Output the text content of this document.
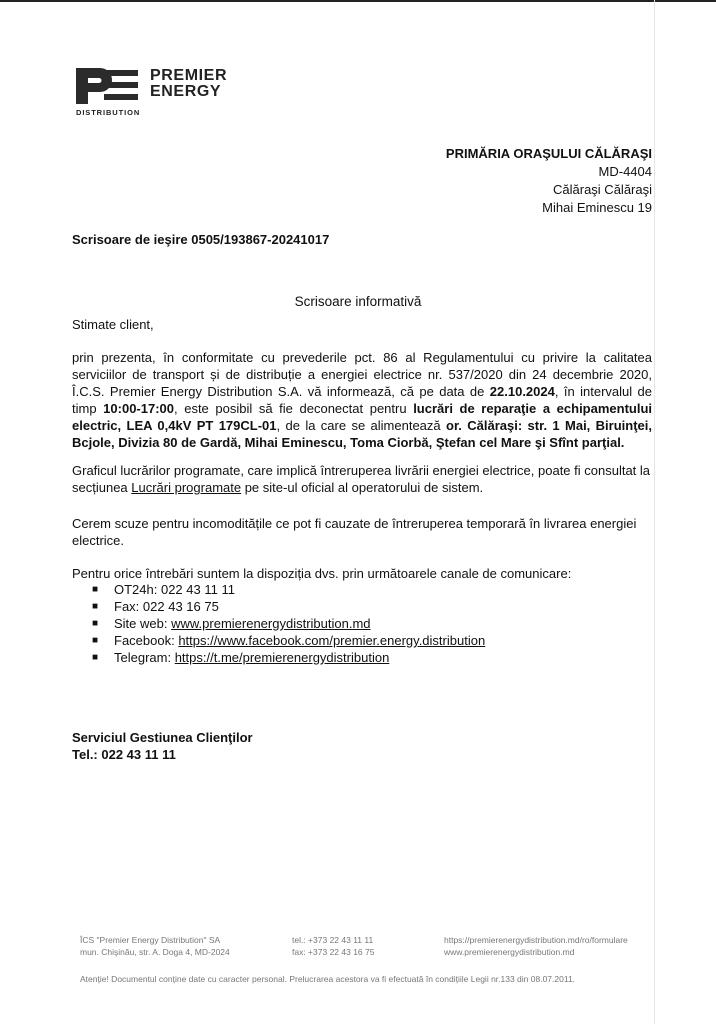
PREMIER
ENERGY
DISTRIBUTION
PRIMĂRIA ORAŞULUI CĂLĂRAŞI
MD-4404
Călăraşi Călăraşi
Mihai Eminescu 19
Scrisoare de ieşire 0505/193867-20241017
Scrisoare informativă
Stimate client,
prin prezenta, în conformitate cu prevederile pct. 86 al Regulamentului cu privire la calitatea serviciilor de transport și de distribuție a energiei electrice nr. 537/2020 din 24 decembrie 2020, Î.C.S. Premier Energy Distribution S.A. vă informează, că pe data de 22.10.2024, în intervalul de timp 10:00-17:00, este posibil să fie deconectat pentru lucrări de reparaţie a echipamentului electric, LEA 0,4kV PT 179CL-01, de la care se alimentează or. Călăraşi: str. 1 Mai, Biruinţei, Bcjole, Divizia 80 de Gardă, Mihai Eminescu, Toma Ciorbă, Ştefan cel Mare şi Sfînt parţial.
Graficul lucrărilor programate, care implică întreruperea livrării energiei electrice, poate fi consultat la secțiunea Lucrări programate pe site-ul oficial al operatorului de sistem.
Cerem scuze pentru incomoditățile ce pot fi cauzate de întreruperea temporară în livrarea energiei electrice.
Pentru orice întrebări suntem la dispoziția dvs. prin următoarele canale de comunicare:
■ OT24h: 022 43 11 11
■ Fax: 022 43 16 75
■ Site web: www.premierenergydistribution.md
■ Facebook: https://www.facebook.com/premier.energy.distribution
■ Telegram: https://t.me/premierenergydistribution
Serviciul Gestiunea Clienţilor
Tel.: 022 43 11 11
ÎCS "Premier Energy Distribution" SA
mun. Chişinău, str. A. Doga 4, MD-2024
tel.: +373 22 43 11 11
fax: +373 22 43 16 75
https://premierenergydistribution.md/ro/formulare
www.premierenergydistribution.md
Atenție! Documentul conține date cu caracter personal. Prelucrarea acestora va fi efectuată în condițiile Legii nr.133 din 08.07.2011.
